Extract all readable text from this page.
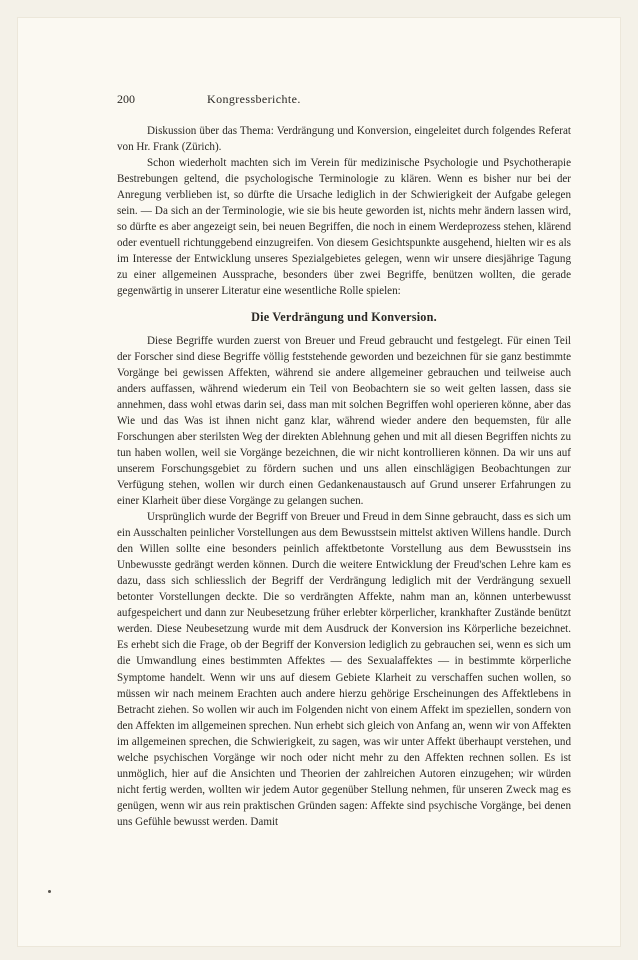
200	Kongressberichte.

Diskussion über das Thema: Verdrängung und Konversion, eingeleitet durch folgendes Referat von Hr. Frank (Zürich).

Schon wiederholt machten sich im Verein für medizinische Psychologie und Psychotherapie Bestrebungen geltend, die psychologische Terminologie zu klären. Wenn es bisher nur bei der Anregung verblieben ist, so dürfte die Ursache lediglich in der Schwierigkeit der Aufgabe gelegen sein. — Da sich an der Terminologie, wie sie bis heute geworden ist, nichts mehr ändern lassen wird, so dürfte es aber angezeigt sein, bei neuen Begriffen, die noch in einem Werdeprozess stehen, klärend oder eventuell richtunggebend einzugreifen. Von diesem Gesichtspunkte ausgehend, hielten wir es als im Interesse der Entwicklung unseres Spezialgebietes gelegen, wenn wir unsere diesjährige Tagung zu einer allgemeinen Aussprache, besonders über zwei Begriffe, benützen wollten, die gerade gegenwärtig in unserer Literatur eine wesentliche Rolle spielen:

Die Verdrängung und Konversion.

Diese Begriffe wurden zuerst von Breuer und Freud gebraucht und festgelegt. Für einen Teil der Forscher sind diese Begriffe völlig feststehende geworden und bezeichnen für sie ganz bestimmte Vorgänge bei gewissen Affekten, während sie andere allgemeiner gebrauchen und teilweise auch anders auffassen, während wiederum ein Teil von Beobachtern sie so weit gelten lassen, dass sie annehmen, dass wohl etwas darin sei, dass man mit solchen Begriffen wohl operieren könne, aber das Wie und das Was ist ihnen nicht ganz klar, während wieder andere den bequemsten, für alle Forschungen aber sterilsten Weg der direkten Ablehnung gehen und mit all diesen Begriffen nichts zu tun haben wollen, weil sie Vorgänge bezeichnen, die wir nicht kontrollieren können. Da wir uns auf unserem Forschungsgebiet zu fördern suchen und uns allen einschlägigen Beobachtungen zur Verfügung stehen, wollen wir durch einen Gedankenaustausch auf Grund unserer Erfahrungen zu einer Klarheit über diese Vorgänge zu gelangen suchen.

Ursprünglich wurde der Begriff von Breuer und Freud in dem Sinne gebraucht, dass es sich um ein Ausschalten peinlicher Vorstellungen aus dem Bewusstsein mittelst aktiven Willens handle. Durch den Willen sollte eine besonders peinlich affektbetonte Vorstellung aus dem Bewusstsein ins Unbewusste gedrängt werden können. Durch die weitere Entwicklung der Freud'schen Lehre kam es dazu, dass sich schliesslich der Begriff der Verdrängung lediglich mit der Verdrängung sexuell betonter Vorstellungen deckte. Die so verdrängten Affekte, nahm man an, können unterbewusst aufgespeichert und dann zur Neubesetzung früher erlebter körperlicher, krankhafter Zustände benützt werden. Diese Neubesetzung wurde mit dem Ausdruck der Konversion ins Körperliche bezeichnet. Es erhebt sich die Frage, ob der Begriff der Konversion lediglich zu gebrauchen sei, wenn es sich um die Umwandlung eines bestimmten Affektes — des Sexualaffektes — in bestimmte körperliche Symptome handelt. Wenn wir uns auf diesem Gebiete Klarheit zu verschaffen suchen wollen, so müssen wir nach meinem Erachten auch andere hierzu gehörige Erscheinungen des Affektlebens in Betracht ziehen. So wollen wir auch im Folgenden nicht von einem Affekt im speziellen, sondern von den Affekten im allgemeinen sprechen. Nun erhebt sich gleich von Anfang an, wenn wir von Affekten im allgemeinen sprechen, die Schwierigkeit, zu sagen, was wir unter Affekt überhaupt verstehen, und welche psychischen Vorgänge wir noch oder nicht mehr zu den Affekten rechnen sollen. Es ist unmöglich, hier auf die Ansichten und Theorien der zahlreichen Autoren einzugehen; wir würden nicht fertig werden, wollten wir jedem Autor gegenüber Stellung nehmen, für unseren Zweck mag es genügen, wenn wir aus rein praktischen Gründen sagen: Affekte sind psychische Vorgänge, bei denen uns Gefühle bewusst werden. Damit
